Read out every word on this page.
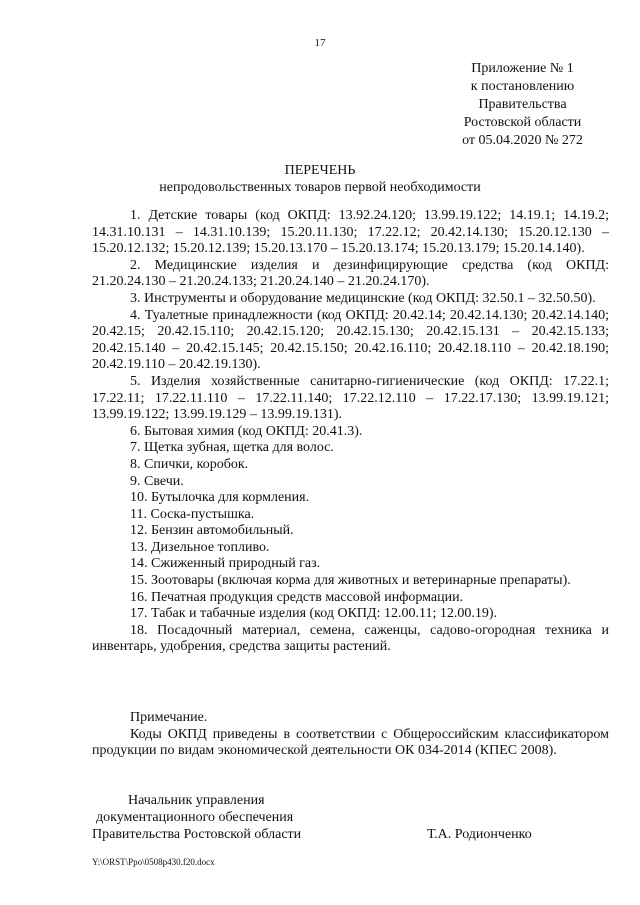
17
Приложение № 1
к постановлению
Правительства
Ростовской области
от 05.04.2020 № 272
ПЕРЕЧЕНЬ
непродовольственных товаров первой необходимости

1. Детские товары (код ОКПД: 13.92.24.120; 13.99.19.122; 14.19.1; 14.19.2; 14.31.10.131 – 14.31.10.139; 15.20.11.130; 17.22.12; 20.42.14.130; 15.20.12.130 – 15.20.12.132; 15.20.12.139; 15.20.13.170 – 15.20.13.174; 15.20.13.179; 15.20.14.140).

2. Медицинские изделия и дезинфицирующие средства (код ОКПД: 21.20.24.130 – 21.20.24.133; 21.20.24.140 – 21.20.24.170).

3. Инструменты и оборудование медицинские (код ОКПД: 32.50.1 – 32.50.50).

4. Туалетные принадлежности (код ОКПД: 20.42.14; 20.42.14.130; 20.42.14.140; 20.42.15; 20.42.15.110; 20.42.15.120; 20.42.15.130; 20.42.15.131 – 20.42.15.133; 20.42.15.140 – 20.42.15.145; 20.42.15.150; 20.42.16.110; 20.42.18.110 – 20.42.18.190; 20.42.19.110 – 20.42.19.130).

5. Изделия хозяйственные санитарно-гигиенические (код ОКПД: 17.22.1; 17.22.11; 17.22.11.110 – 17.22.11.140; 17.22.12.110 – 17.22.17.130; 13.99.19.121; 13.99.19.122; 13.99.19.129 – 13.99.19.131).

6. Бытовая химия (код ОКПД: 20.41.3).

7. Щетка зубная, щетка для волос.

8. Спички, коробок.

9. Свечи.

10. Бутылочка для кормления.

11. Соска-пустышка.

12. Бензин автомобильный.

13. Дизельное топливо.

14. Сжиженный природный газ.

15. Зоотовары (включая корма для животных и ветеринарные препараты).

16. Печатная продукция средств массовой информации.

17. Табак и табачные изделия (код ОКПД: 12.00.11; 12.00.19).

18. Посадочный материал, семена, саженцы, садово-огородная техника и инвентарь, удобрения, средства защиты растений.

Примечание.

Коды ОКПД приведены в соответствии с Общероссийским классификатором продукции по видам экономической деятельности ОК 034-2014 (КПЕС 2008).

Начальник управления
документационного обеспечения
Правительства Ростовской области	Т.А. Родионченко
Y:\ORST\Ppo\0508p430.f20.docx
